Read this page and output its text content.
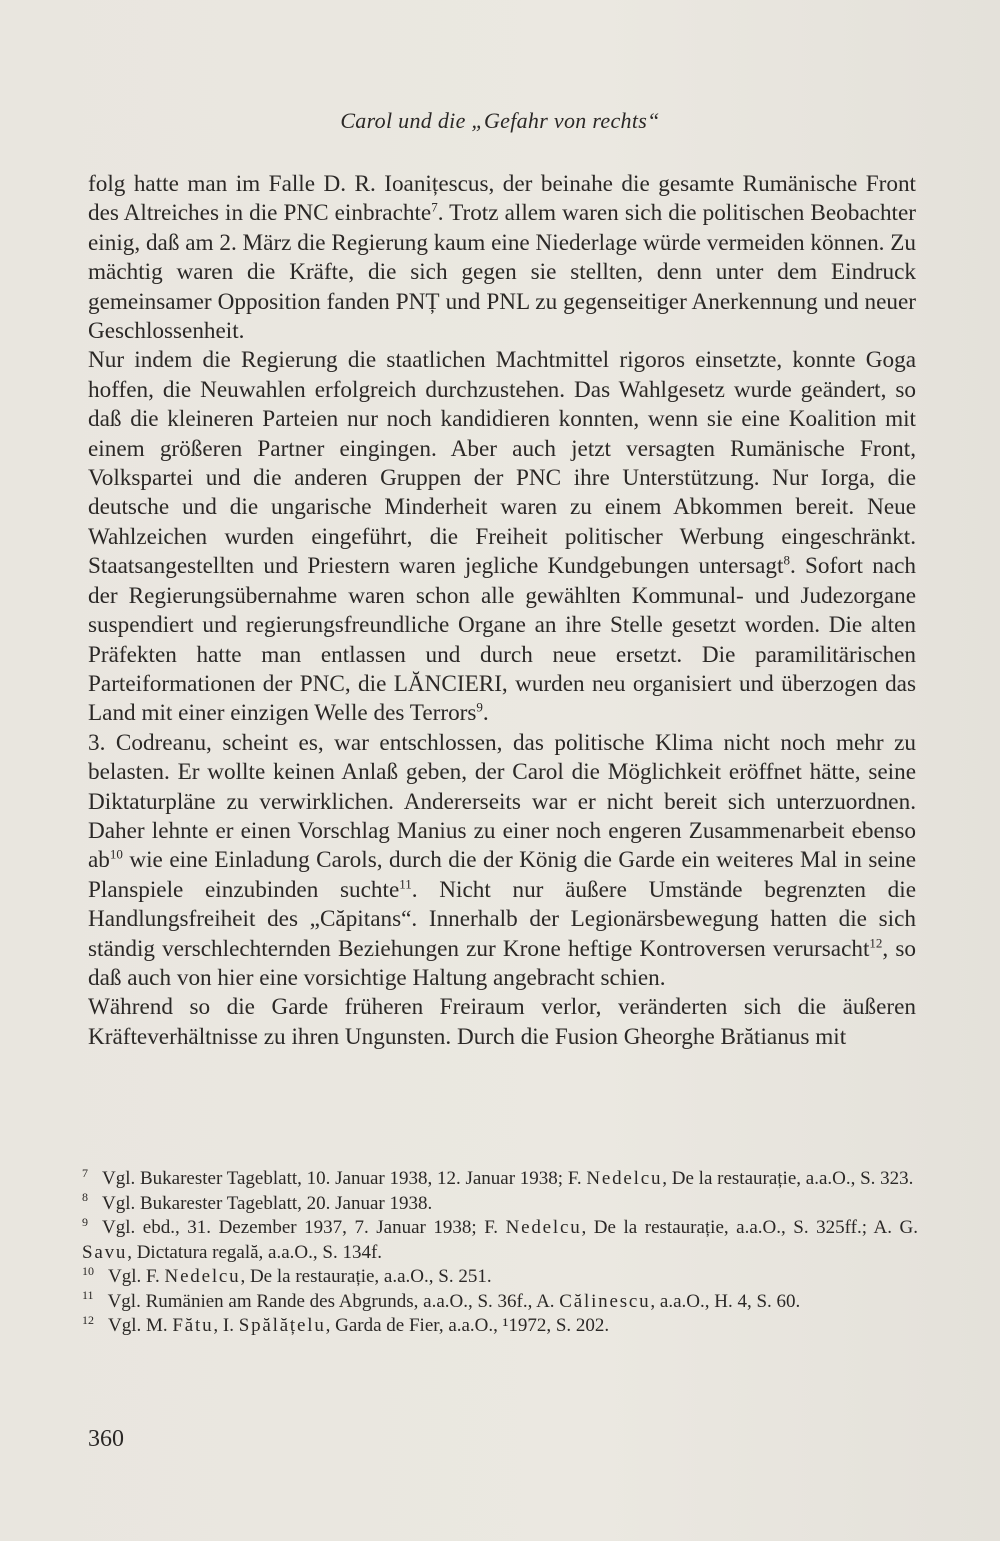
Carol und die „Gefahr von rechts“

folg hatte man im Falle D. R. Ioanițescus, der beinahe die gesamte Rumänische Front des Altreiches in die PNC einbrachte$^7$. Trotz allem waren sich die politischen Beobachter einig, daß am 2. März die Regierung kaum eine Niederlage würde vermeiden können. Zu mächtig waren die Kräfte, die sich gegen sie stellten, denn unter dem Eindruck gemeinsamer Opposition fanden PNȚ und PNL zu gegenseitiger Anerkennung und neuer Geschlossenheit.

Nur indem die Regierung die staatlichen Machtmittel rigoros einsetzte, konnte Goga hoffen, die Neuwahlen erfolgreich durchzustehen. Das Wahlgesetz wurde geändert, so daß die kleineren Parteien nur noch kandidieren konnten, wenn sie eine Koalition mit einem größeren Partner eingingen. Aber auch jetzt versagten Rumänische Front, Volkspartei und die anderen Gruppen der PNC ihre Unterstützung. Nur Iorga, die deutsche und die ungarische Minderheit waren zu einem Abkommen bereit. Neue Wahlzeichen wurden eingeführt, die Freiheit politischer Werbung eingeschränkt. Staatsangestellten und Priestern waren jegliche Kundgebungen untersagt$^8$. Sofort nach der Regierungsübernahme waren schon alle gewählten Kommunal- und Judezorgane suspendiert und regierungsfreundliche Organe an ihre Stelle gesetzt worden. Die alten Präfekten hatte man entlassen und durch neue ersetzt. Die paramilitärischen Parteiformationen der PNC, die LĂNCIERI, wurden neu organisiert und überzogen das Land mit einer einzigen Welle des Terrors$^9$.

3. Codreanu, scheint es, war entschlossen, das politische Klima nicht noch mehr zu belasten. Er wollte keinen Anlaß geben, der Carol die Möglichkeit eröffnet hätte, seine Diktaturpläne zu verwirklichen. Andererseits war er nicht bereit sich unterzuordnen. Daher lehnte er einen Vorschlag Manius zu einer noch engeren Zusammenarbeit ebenso $ab^{10}$ wie eine Einladung Carols, durch die der König die Garde ein weiteres Mal in seine Planspiele einzubinden suchte$^{11}$. Nicht nur äußere Umstände begrenzten die Handlungsfreiheit des „Căpitans“. Innerhalb der Legionärsbewegung hatten die sich ständig verschlechternden Beziehungen zur Krone heftige Kontroversen verursacht$^{12}$, so daß auch von hier eine vorsichtige Haltung angebracht schien.

Während so die Garde früheren Freiraum verlor, veränderten sich die äußeren Kräfteverhältnisse zu ihren Ungunsten. Durch die Fusion Gheorghe Brătianus mit

$^7$ Vgl. Bukarester Tageblatt, 10. Januar 1938, 12. Januar 1938; F. Nedelcu, De la restaurație, a.a.O., S. 323.
$^8$ Vgl. Bukarester Tageblatt, 20. Januar 1938.
$^9$ Vgl. ebd., 31. Dezember 1937, 7. Januar 1938; F. Nedelcu, De la restaurație, a.a.O., S. 325ff.; A. G. Savu, Dictatura regală, a.a.O., S. 134f.
$^{10}$ Vgl. F. Nedelcu, De la restaurație, a.a.O., S. 251.
$^{11}$ Vgl. Rumänien am Rande des Abgrunds, a.a.O., S. 36f., A. Călinescu, a.a.O., H. 4, S. 60.
$^{12}$ Vgl. M. Fătu, I. Spălățelu, Garda de Fier, a.a.O., ¹1972, S. 202.
360
